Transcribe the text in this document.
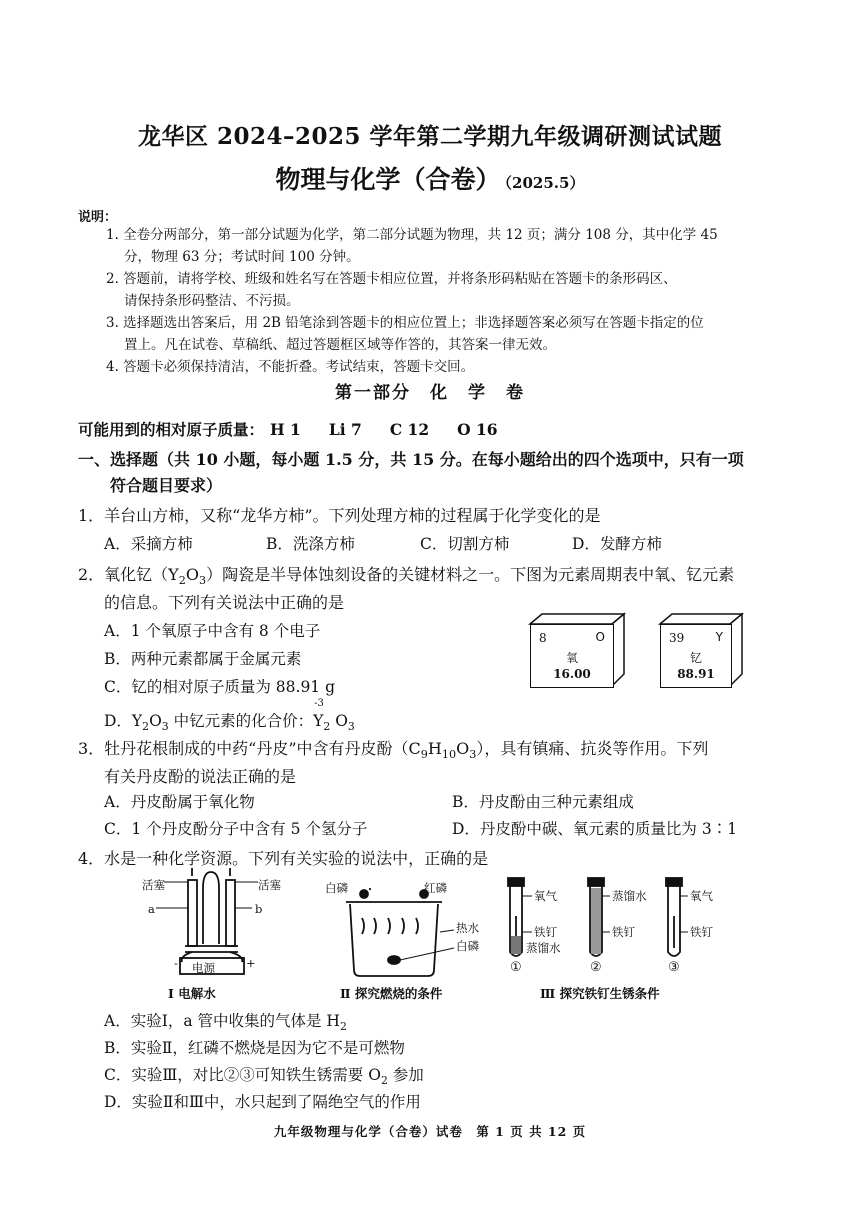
龙华区 2024–2025 学年第二学期九年级调研测试试题
物理与化学（合卷） （2025.5）
说明：
1. 全卷分两部分，第一部分试题为化学，第二部分试题为物理，共 12 页；满分 108 分，其中化学 45
分，物理 63 分；考试时间 100 分钟。
2. 答题前，请将学校、班级和姓名写在答题卡相应位置，并将条形码粘贴在答题卡的条形码区、
请保持条形码整洁、不污损。
3. 选择题选出答案后，用 2B 铅笔涂到答题卡的相应位置上；非选择题答案必须写在答题卡指定的位
置上。凡在试卷、草稿纸、超过答题框区域等作答的，其答案一律无效。
4. 答题卡必须保持清洁，不能折叠。考试结束，答题卡交回。
第一部分　化　学　卷
可能用到的相对原子质量： H 1 Li 7 C 12 O 16
一、选择题（共 10 小题，每小题 1.5 分，共 15 分。在每小题给出的四个选项中，只有一项
符合题目要求）
1．羊台山方柿，又称“龙华方柿”。下列处理方柿的过程属于化学变化的是
A．采摘方柿	B．洗涤方柿	C．切割方柿	D．发酵方柿
2．氧化钇$(Y_2O_3)$陶瓷是半导体蚀刻设备的关键材料之一。下图为元素周期表中氧、钇元素
的信息。下列有关说法中正确的是
A．1 个氧原子中含有 8 个电子
B．两种元素都属于金属元素
C．钇的相对原子质量为 88.91 g
D．$Y_2O_3$ 中钇元素的化合价：
-3
$Y_2$ $O_3$
8	O
氧
16.00
39	Y
钇
88.91
3．牡丹花根制成的中药“丹皮”中含有丹皮酚$(C_9H_{10}O_3)$，具有镇痛、抗炎等作用。下列
有关丹皮酚的说法正确的是
A．丹皮酚属于氧化物	B．丹皮酚由三种元素组成
C．1 个丹皮酚分子中含有 5 个氢分子	D．丹皮酚中碳、氧元素的质量比为 3∶1
4．水是一种化学资源。下列有关实验的说法中，正确的是
活塞	活塞
a	b
电源
-	+
Ⅰ 电解水
白磷	红磷
热水
白磷
Ⅱ 探究燃烧的条件
氧气
铁钉
蒸馏水
蒸馏水
铁钉
氧气
铁钉
①	②	③
Ⅲ 探究铁钉生锈条件
A．实验Ⅰ，a 管中收集的气体是 $H_2$
B．实验Ⅱ，红磷不燃烧是因为它不是可燃物
C．实验Ⅲ，对比②③可知铁生锈需要 $O_2$ 参加
D．实验Ⅱ和Ⅲ中，水只起到了隔绝空气的作用
九年级物理与化学（合卷）试卷　第 1 页 共 12 页
